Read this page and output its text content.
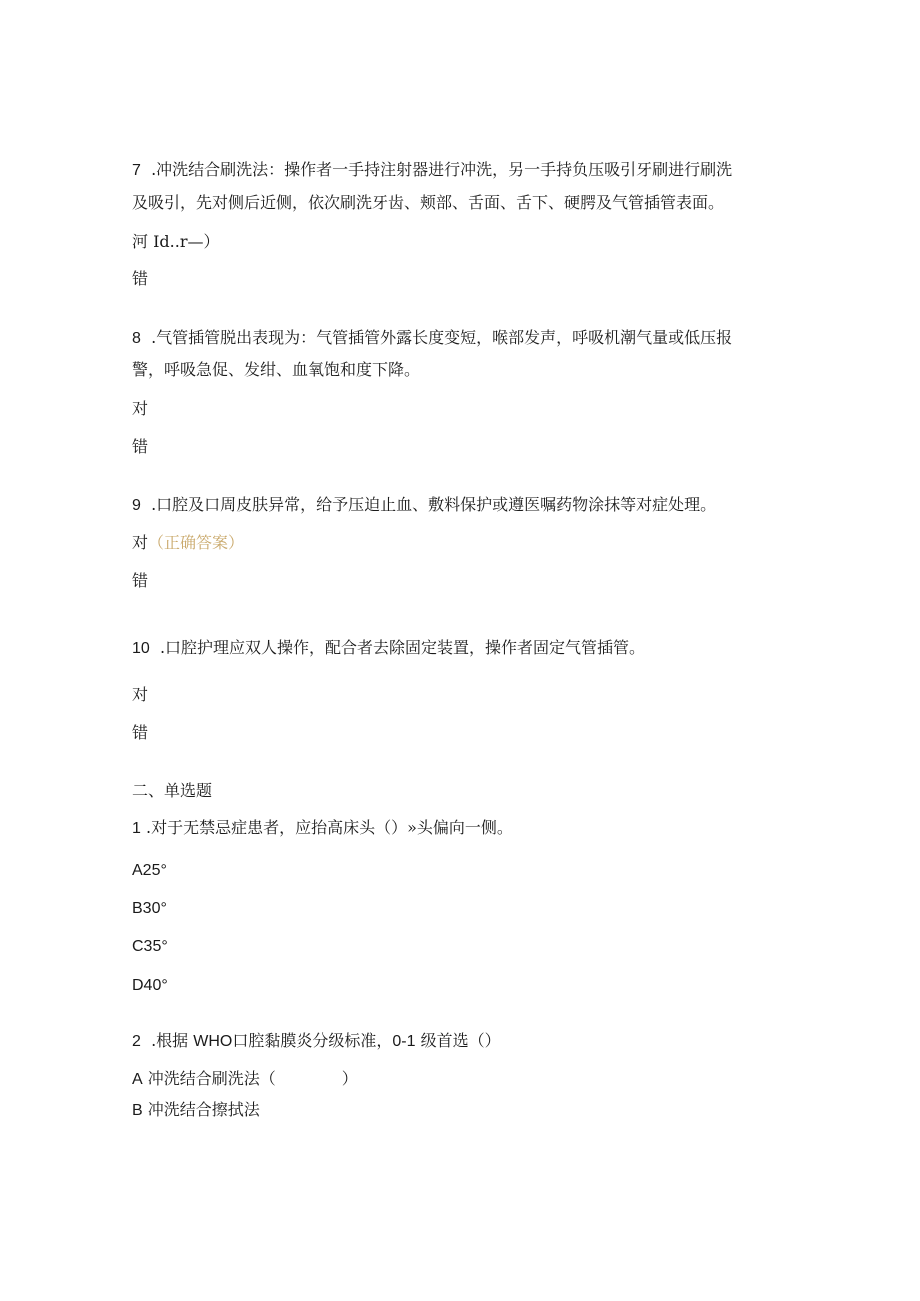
7 .冲洗结合刷洗法：操作者一手持注射器进行冲洗，另一手持负压吸引牙刷进行刷洗
及吸引，先对侧后近侧，依次刷洗牙齿、颊部、舌面、舌下、硬腭及气管插管表面。
河 Id..r—）
错
8 .气管插管脱出表现为：气管插管外露长度变短，喉部发声，呼吸机潮气量或低压报
警，呼吸急促、发绀、血氧饱和度下降。
对
错
9 .口腔及口周皮肤异常，给予压迫止血、敷料保护或遵医嘱药物涂抹等对症处理。
对（正确答案）
错
10 .口腔护理应双人操作，配合者去除固定装置，操作者固定气管插管。
对
错
二、单选题
1 .对于无禁忌症患者，应抬高床头（）»头偏向一侧。
A25°
B30°
C35°
D40°
2 .根据 WHO口腔黏膜炎分级标准，0-1 级首选（）
A 冲洗结合刷洗法（	）
B 冲洗结合擦拭法
